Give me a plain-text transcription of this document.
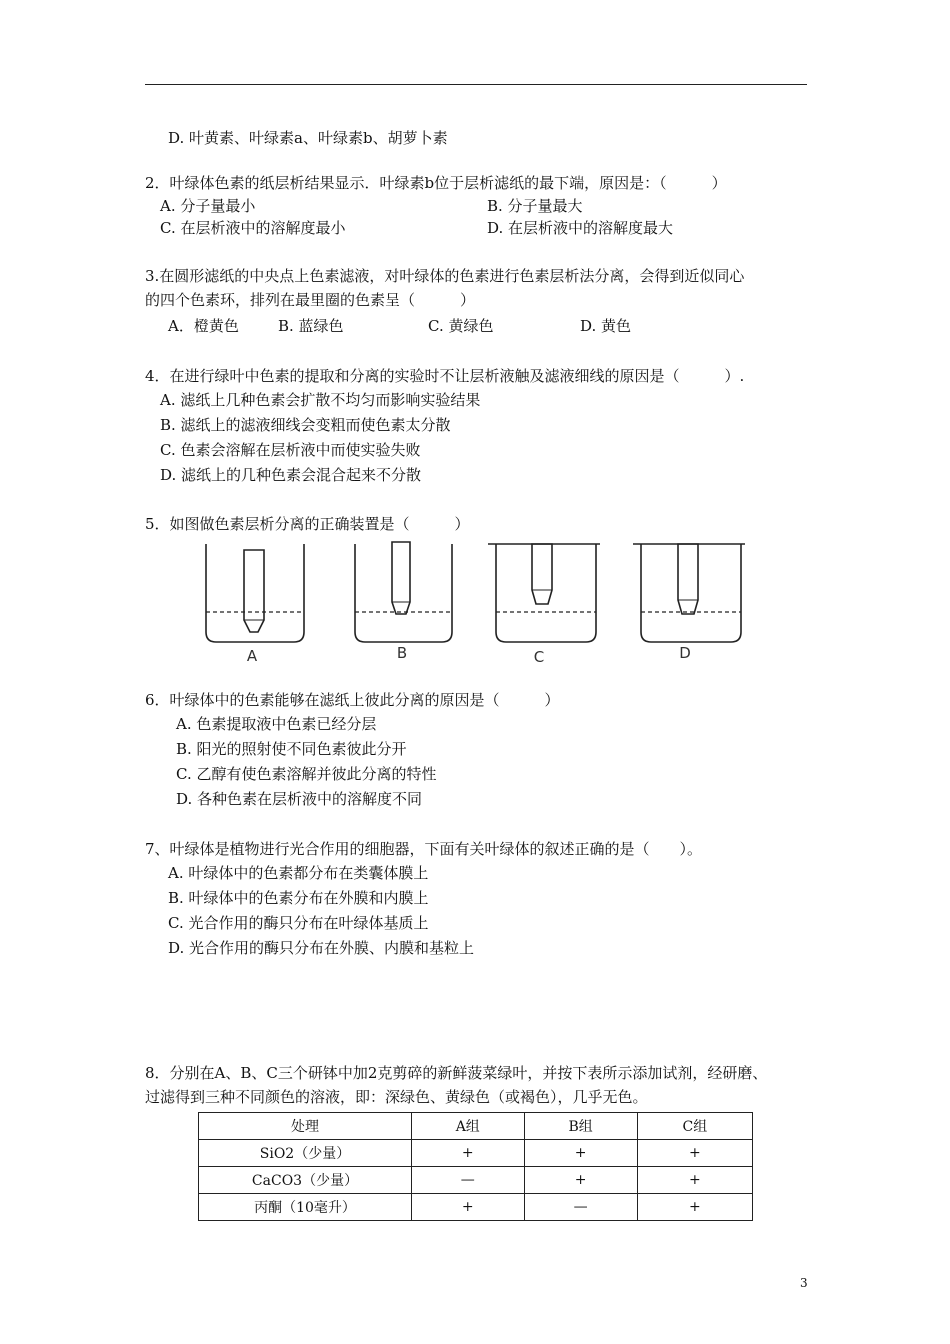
D. 叶黄素、叶绿素a、叶绿素b、胡萝卜素
2．叶绿体色素的纸层析结果显示．叶绿素b位于层析滤纸的最下端，原因是：（　　　）
A. 分子量最小	B. 分子量最大
C. 在层析液中的溶解度最小	D. 在层析液中的溶解度最大
3.在圆形滤纸的中央点上色素滤液，对叶绿体的色素进行色素层析法分离，会得到近似同心
的四个色素环，排列在最里圈的色素呈（　　　）
A．橙黄色	B. 蓝绿色	C. 黄绿色	D. 黄色
4．在进行绿叶中色素的提取和分离的实验时不让层析液触及滤液细线的原因是（　　　）.
A. 滤纸上几种色素会扩散不均匀而影响实验结果
B. 滤纸上的滤液细线会变粗而使色素太分散
C. 色素会溶解在层析液中而使实验失败
D. 滤纸上的几种色素会混合起来不分散
5．如图做色素层析分离的正确装置是（　　　）
A	B	C	D
6．叶绿体中的色素能够在滤纸上彼此分离的原因是（　　　）
A. 色素提取液中色素已经分层
B. 阳光的照射使不同色素彼此分开
C. 乙醇有使色素溶解并彼此分离的特性
D. 各种色素在层析液中的溶解度不同
7、叶绿体是植物进行光合作用的细胞器，下面有关叶绿体的叙述正确的是（　　）。
A. 叶绿体中的色素都分布在类囊体膜上
B. 叶绿体中的色素分布在外膜和内膜上
C. 光合作用的酶只分布在叶绿体基质上
D. 光合作用的酶只分布在外膜、内膜和基粒上
8．分别在A、B、C三个研钵中加2克剪碎的新鲜菠菜绿叶，并按下表所示添加试剂，经研磨、
过滤得到三种不同颜色的溶液，即：深绿色、黄绿色（或褐色），几乎无色。
处理	A组	B组	C组
SiO2（少量）	+	+	+
CaCO3（少量）	—	+	+
丙酮（10毫升）	+	—	+
3
